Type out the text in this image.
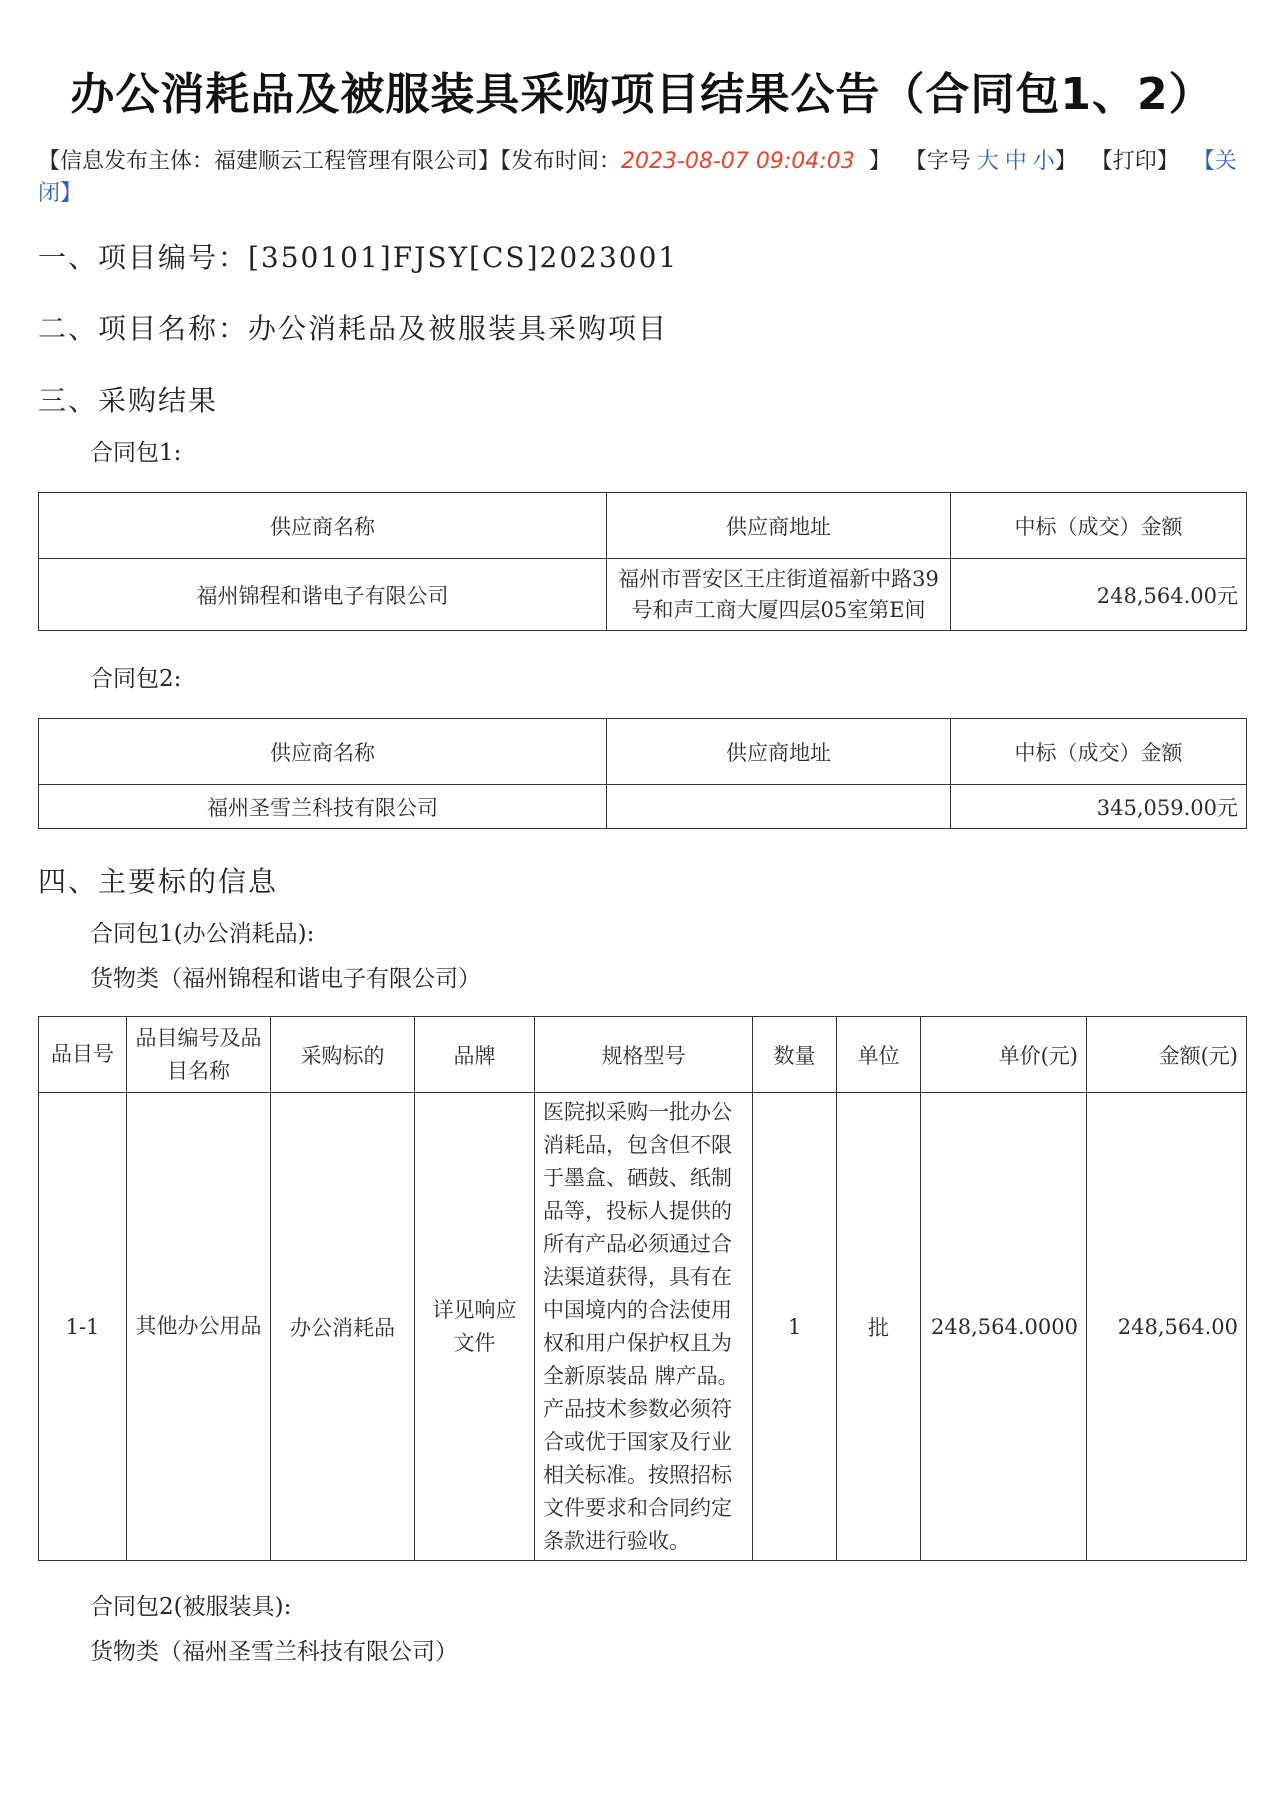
办公消耗品及被服装具采购项目结果公告（合同包1、2）
【信息发布主体：福建顺云工程管理有限公司】【发布时间：2023-08-07 09:04:03 】 【字号 大 中 小】 【打印】 【关闭】
一、项目编号：[350101]FJSY[CS]2023001
二、项目名称：办公消耗品及被服装具采购项目
三、采购结果
合同包1:
供应商名称	供应商地址	中标（成交）金额
福州锦程和谐电子有限公司	福州市晋安区王庄街道福新中路39号和声工商大厦四层05室第E间	248,564.00元
合同包2:
供应商名称	供应商地址	中标（成交）金额
福州圣雪兰科技有限公司		345,059.00元
四、主要标的信息
合同包1(办公消耗品):
货物类（福州锦程和谐电子有限公司）
品目号	品目编号及品目名称	采购标的	品牌	规格型号	数量	单位	单价(元)	金额(元)
1-1	其他办公用品	办公消耗品	详见响应文件	医院拟采购一批办公消耗品，包含但不限于墨盒、硒鼓、纸制品等，投标人提供的所有产品必须通过合法渠道获得，具有在中国境内的合法使用权和用户保护权且为全新原装品 牌产品。产品技术参数必须符合或优于国家及行业相关标准。按照招标文件要求和合同约定条款进行验收。	1	批	248,564.0000	248,564.00
合同包2(被服装具):
货物类（福州圣雪兰科技有限公司）
